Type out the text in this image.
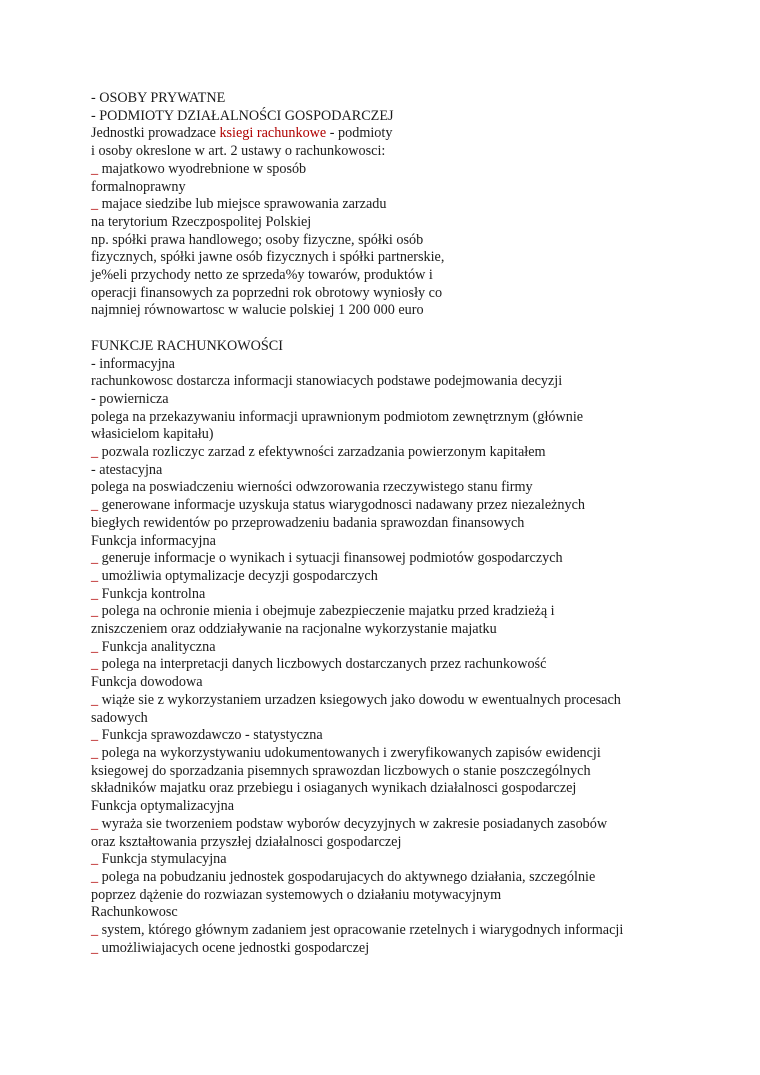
- OSOBY PRYWATNE
- PODMIOTY DZIAŁALNOŚCI GOSPODARCZEJ
Jednostki prowadzace ksiegi rachunkowe - podmioty
i osoby okreslone w art. 2 ustawy o rachunkowosci:
_ majatkowo wyodrebnione w sposób
formalnoprawny
_ majace siedzibe lub miejsce sprawowania zarzadu
na terytorium Rzeczpospolitej Polskiej
np. spółki prawa handlowego; osoby fizyczne, spółki osób
fizycznych, spółki jawne osób fizycznych i spółki partnerskie,
je%eli przychody netto ze sprzeda%y towarów, produktów i
operacji finansowych za poprzedni rok obrotowy wyniosły co
najmniej równowartosc w walucie polskiej 1 200 000 euro
FUNKCJE RACHUNKOWOŚCI
- informacyjna
rachunkowosc dostarcza informacji stanowiacych podstawe podejmowania decyzji
- powiernicza
polega na przekazywaniu informacji uprawnionym podmiotom zewnętrznym (głównie
własicielom kapitału)
_ pozwala rozliczyc zarzad z efektywności zarzadzania powierzonym kapitałem
- atestacyjna
polega na poswiadczeniu wierności odwzorowania rzeczywistego stanu firmy
_ generowane informacje uzyskuja status wiarygodnosci nadawany przez niezależnych
biegłych rewidentów po przeprowadzeniu badania sprawozdan finansowych
Funkcja informacyjna
_ generuje informacje o wynikach i sytuacji finansowej podmiotów gospodarczych
_ umożliwia optymalizacje decyzji gospodarczych
_ Funkcja kontrolna
_ polega na ochronie mienia i obejmuje zabezpieczenie majatku przed kradzieżą i
zniszczeniem oraz oddziaływanie na racjonalne wykorzystanie majatku
_ Funkcja analityczna
_ polega na interpretacji danych liczbowych dostarczanych przez rachunkowość
Funkcja dowodowa
_ wiąże sie z wykorzystaniem urzadzen ksiegowych jako dowodu w ewentualnych procesach
sadowych
_ Funkcja sprawozdawczo - statystyczna
_ polega na wykorzystywaniu udokumentowanych i zweryfikowanych zapisów ewidencji
ksiegowej do sporzadzania pisemnych sprawozdan liczbowych o stanie poszczególnych
składników majatku oraz przebiegu i osiaganych wynikach działalnosci gospodarczej
Funkcja optymalizacyjna
_ wyraża sie tworzeniem podstaw wyborów decyzyjnych w zakresie posiadanych zasobów
oraz kształtowania przyszłej działalnosci gospodarczej
_ Funkcja stymulacyjna
_ polega na pobudzaniu jednostek gospodarujacych do aktywnego działania, szczególnie
poprzez dążenie do rozwiazan systemowych o działaniu motywacyjnym
Rachunkowosc
_ system, którego głównym zadaniem jest opracowanie rzetelnych i wiarygodnych informacji
_ umożliwiajacych ocene jednostki gospodarczej
